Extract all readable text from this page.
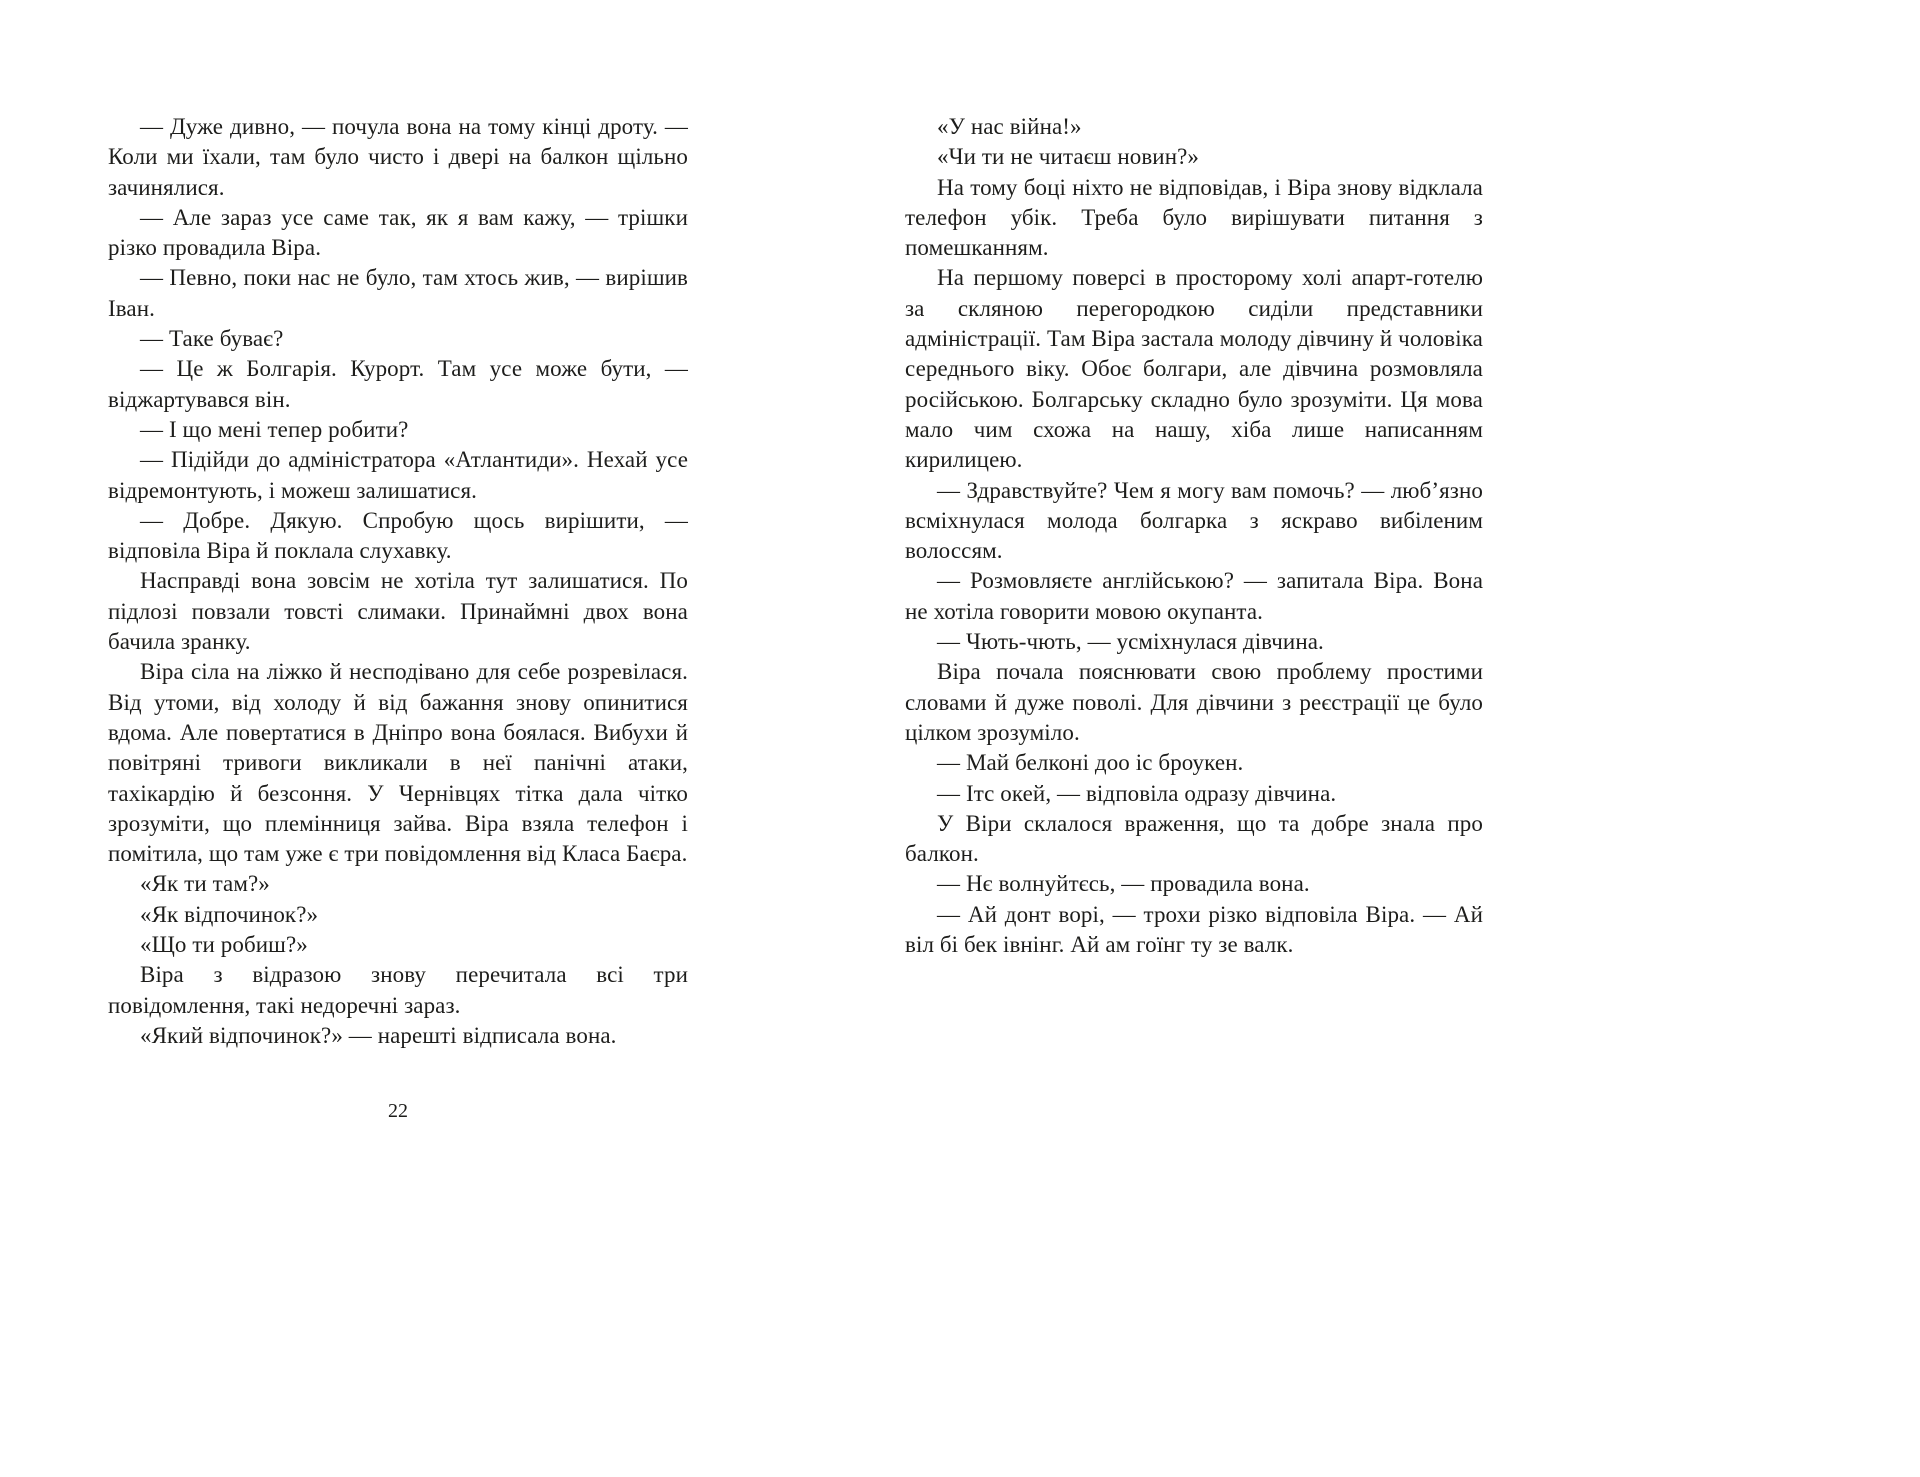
— Дуже дивно, — почула вона на тому кінці дроту. — Коли ми їхали, там було чисто і двері на балкон щільно зачинялися.

— Але зараз усе саме так, як я вам кажу, — трішки різко провадила Віра.

— Певно, поки нас не було, там хтось жив, — вирішив Іван.

— Таке буває?

— Це ж Болгарія. Курорт. Там усе може бути, — віджартувався він.

— І що мені тепер робити?

— Підійди до адміністратора «Атлантиди». Нехай усе відремонтують, і можеш залишатися.

— Добре. Дякую. Спробую щось вирішити, — відповіла Віра й поклала слухавку.

Насправді вона зовсім не хотіла тут залишатися. По підлозі повзали товсті слимаки. Принаймні двох вона бачила зранку.

Віра сіла на ліжко й несподівано для себе розревілася. Від утоми, від холоду й від бажання знову опинитися вдома. Але повертатися в Дніпро вона боялася. Вибухи й повітряні тривоги викликали в неї панічні атаки, тахікардію й безсоння. У Чернівцях тітка дала чітко зрозуміти, що племінниця зайва. Віра взяла телефон і помітила, що там уже є три повідомлення від Класа Баєра.

«Як ти там?»

«Як відпочинок?»

«Що ти робиш?»

Віра з відразою знову перечитала всі три повідомлення, такі недоречні зараз.

«Який відпочинок?» — нарешті відписала вона.

22

«У нас війна!»

«Чи ти не читаєш новин?»

На тому боці ніхто не відповідав, і Віра знову відклала телефон убік. Треба було вирішувати питання з помешканням.

На першому поверсі в просторому холі апарт-готелю за скляною перегородкою сиділи представники адміністрації. Там Віра застала молоду дівчину й чоловіка середнього віку. Обоє болгари, але дівчина розмовляла російською. Болгарську складно було зрозуміти. Ця мова мало чим схожа на нашу, хіба лише написанням кирилицею.

— Здравствуйте? Чем я могу вам помочь? — люб’язно всміхнулася молода болгарка з яскраво вибіленим волоссям.

— Розмовляєте англійською? — запитала Віра. Вона не хотіла говорити мовою окупанта.

— Чють-чють, — усміхнулася дівчина.

Віра почала пояснювати свою проблему простими словами й дуже поволі. Для дівчини з реєстрації це було цілком зрозуміло.

— Май белконі доо іс броукен.

— Ітс окей, — відповіла одразу дівчина.

У Віри склалося враження, що та добре знала про балкон.

— Нє волнуйтєсь, — провадила вона.

— Ай донт ворі, — трохи різко відповіла Віра. — Ай віл бі бек івнінг. Ай ам гоїнг ту зе валк.
